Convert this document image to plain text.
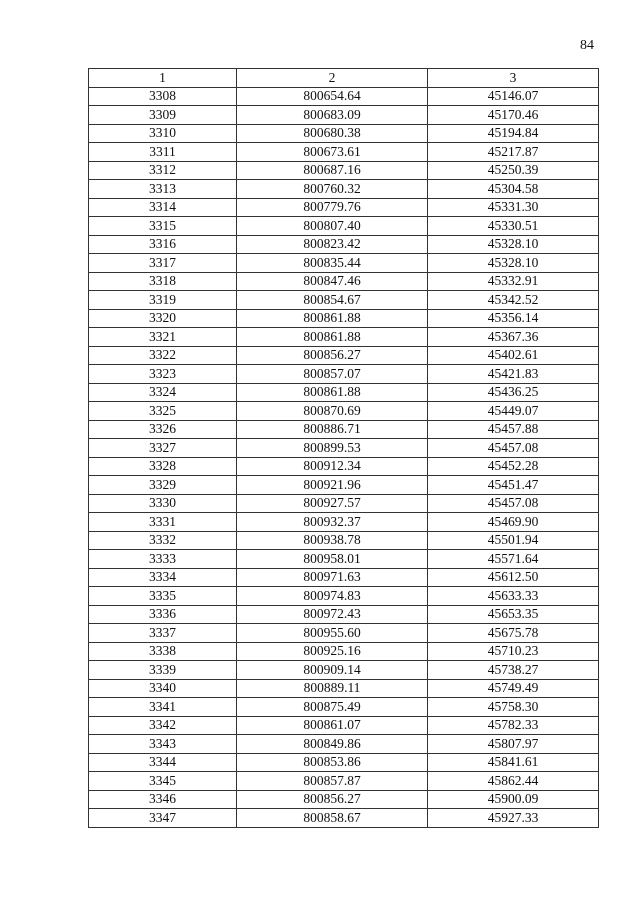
84
1	2	3
3308	800654.64	45146.07
3309	800683.09	45170.46
3310	800680.38	45194.84
3311	800673.61	45217.87
3312	800687.16	45250.39
3313	800760.32	45304.58
3314	800779.76	45331.30
3315	800807.40	45330.51
3316	800823.42	45328.10
3317	800835.44	45328.10
3318	800847.46	45332.91
3319	800854.67	45342.52
3320	800861.88	45356.14
3321	800861.88	45367.36
3322	800856.27	45402.61
3323	800857.07	45421.83
3324	800861.88	45436.25
3325	800870.69	45449.07
3326	800886.71	45457.88
3327	800899.53	45457.08
3328	800912.34	45452.28
3329	800921.96	45451.47
3330	800927.57	45457.08
3331	800932.37	45469.90
3332	800938.78	45501.94
3333	800958.01	45571.64
3334	800971.63	45612.50
3335	800974.83	45633.33
3336	800972.43	45653.35
3337	800955.60	45675.78
3338	800925.16	45710.23
3339	800909.14	45738.27
3340	800889.11	45749.49
3341	800875.49	45758.30
3342	800861.07	45782.33
3343	800849.86	45807.97
3344	800853.86	45841.61
3345	800857.87	45862.44
3346	800856.27	45900.09
3347	800858.67	45927.33
